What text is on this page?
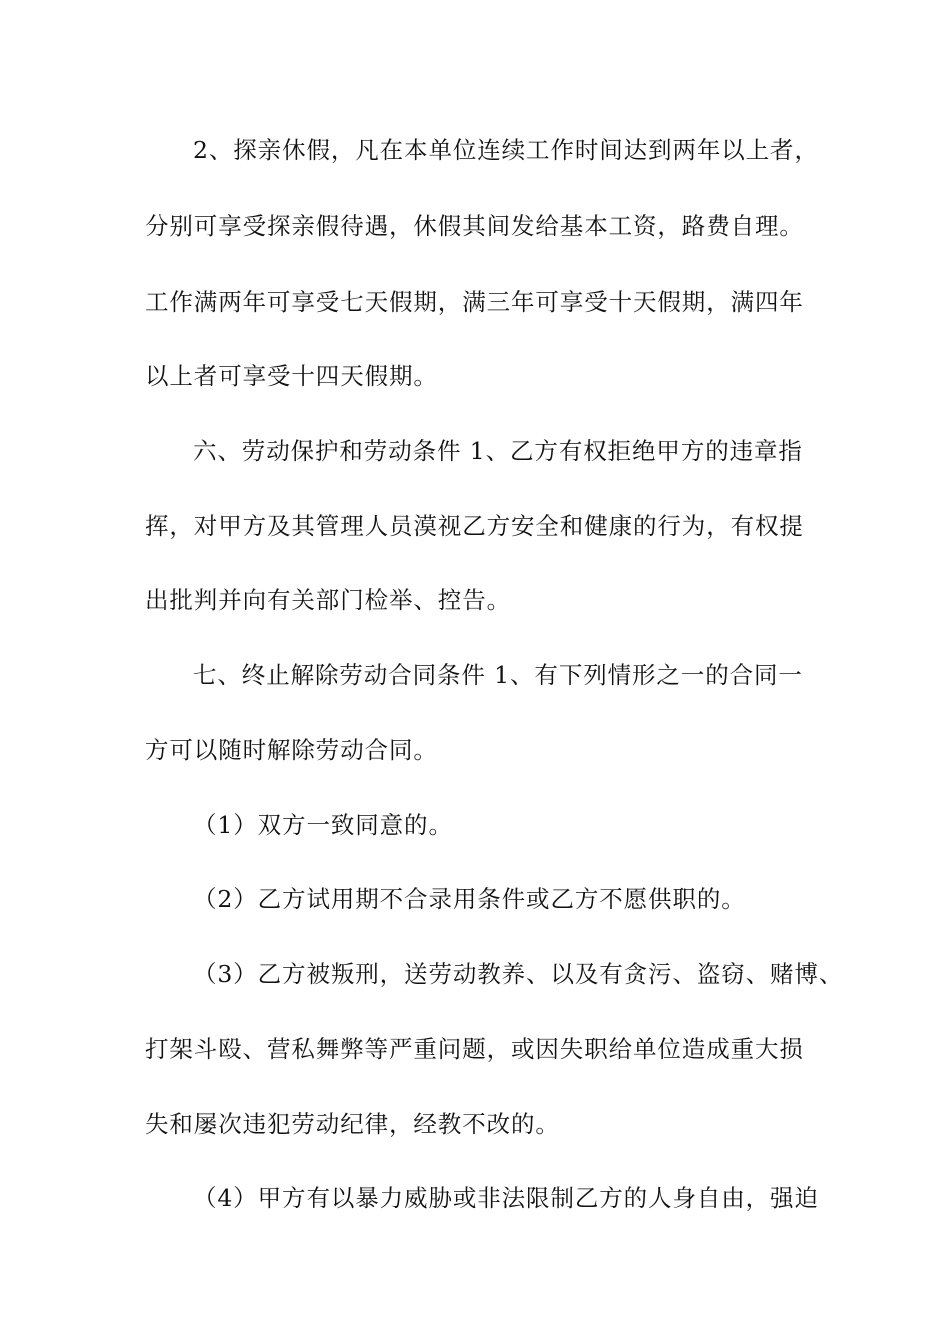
2、探亲休假，凡在本单位连续工作时间达到两年以上者，
分别可享受探亲假待遇，休假其间发给基本工资，路费自理。
工作满两年可享受七天假期，满三年可享受十天假期，满四年
以上者可享受十四天假期。
六、劳动保护和劳动条件 1、乙方有权拒绝甲方的违章指
挥，对甲方及其管理人员漠视乙方安全和健康的行为，有权提
出批判并向有关部门检举、控告。
七、终止解除劳动合同条件 1、有下列情形之一的合同一
方可以随时解除劳动合同。
（1）双方一致同意的。
（2）乙方试用期不合录用条件或乙方不愿供职的。
（3）乙方被叛刑，送劳动教养、以及有贪污、盗窃、赌博、
打架斗殴、营私舞弊等严重问题，或因失职给单位造成重大损
失和屡次违犯劳动纪律，经教不改的。
（4）甲方有以暴力威胁或非法限制乙方的人身自由，强迫
